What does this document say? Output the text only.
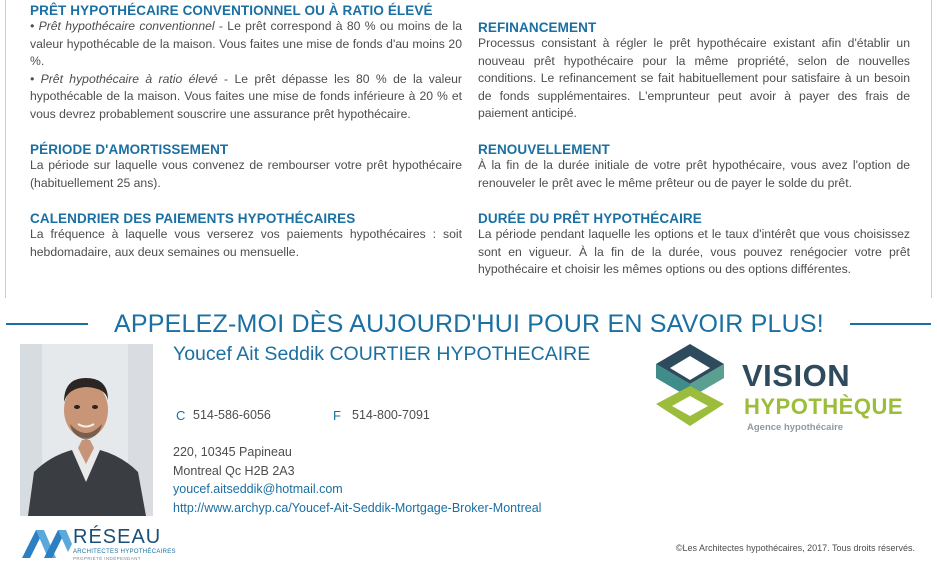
PRÊT HYPOTHÉCAIRE CONVENTIONNEL OU À RATIO ÉLEVÉ

• Prêt hypothécaire conventionnel - Le prêt correspond à 80 % ou moins de la valeur hypothécable de la maison. Vous faites une mise de fonds d'au moins 20 %.

• Prêt hypothécaire à ratio élevé - Le prêt dépasse les 80 % de la valeur hypothécable de la maison. Vous faites une mise de fonds inférieure à 20 % et vous devrez probablement souscrire une assurance prêt hypothécaire.

PÉRIODE D'AMORTISSEMENT

La période sur laquelle vous convenez de rembourser votre prêt hypothécaire (habituellement 25 ans).

CALENDRIER DES PAIEMENTS HYPOTHÉCAIRES

La fréquence à laquelle vous verserez vos paiements hypothécaires : soit hebdomadaire, aux deux semaines ou mensuelle.

REFINANCEMENT

Processus consistant à régler le prêt hypothécaire existant afin d'établir un nouveau prêt hypothécaire pour la même propriété, selon de nouvelles conditions. Le refinancement se fait habituellement pour satisfaire à un besoin de fonds supplémentaires. L'emprunteur peut avoir à payer des frais de paiement anticipé.

RENOUVELLEMENT

À la fin de la durée initiale de votre prêt hypothécaire, vous avez l'option de renouveler le prêt avec le même prêteur ou de payer le solde du prêt.

DURÉE DU PRÊT HYPOTHÉCAIRE

La période pendant laquelle les options et le taux d'intérêt que vous choisissez sont en vigueur. À la fin de la durée, vous pouvez renégocier votre prêt hypothécaire et choisir les mêmes options ou des options différentes.

APPELEZ-MOI DÈS AUJOURD'HUI POUR EN SAVOIR PLUS!
Youcef Ait Seddik COURTIER HYPOTHECAIRE
C 514-586-6056	F 514-800-7091
220, 10345 Papineau
Montreal Qc H2B 2A3
youcef.aitseddik@hotmail.com
http://www.archyp.ca/Youcef-Ait-Seddik-Mortgage-Broker-Montreal
VISION
HYPOTHÈQUE
Agence hypothécaire
RÉSEAU
ARCHITECTES HYPOTHÉCAIRES
PROPRIÉTÉ INDÉPENDANT
©Les Architectes hypothécaires, 2017. Tous droits réservés.
